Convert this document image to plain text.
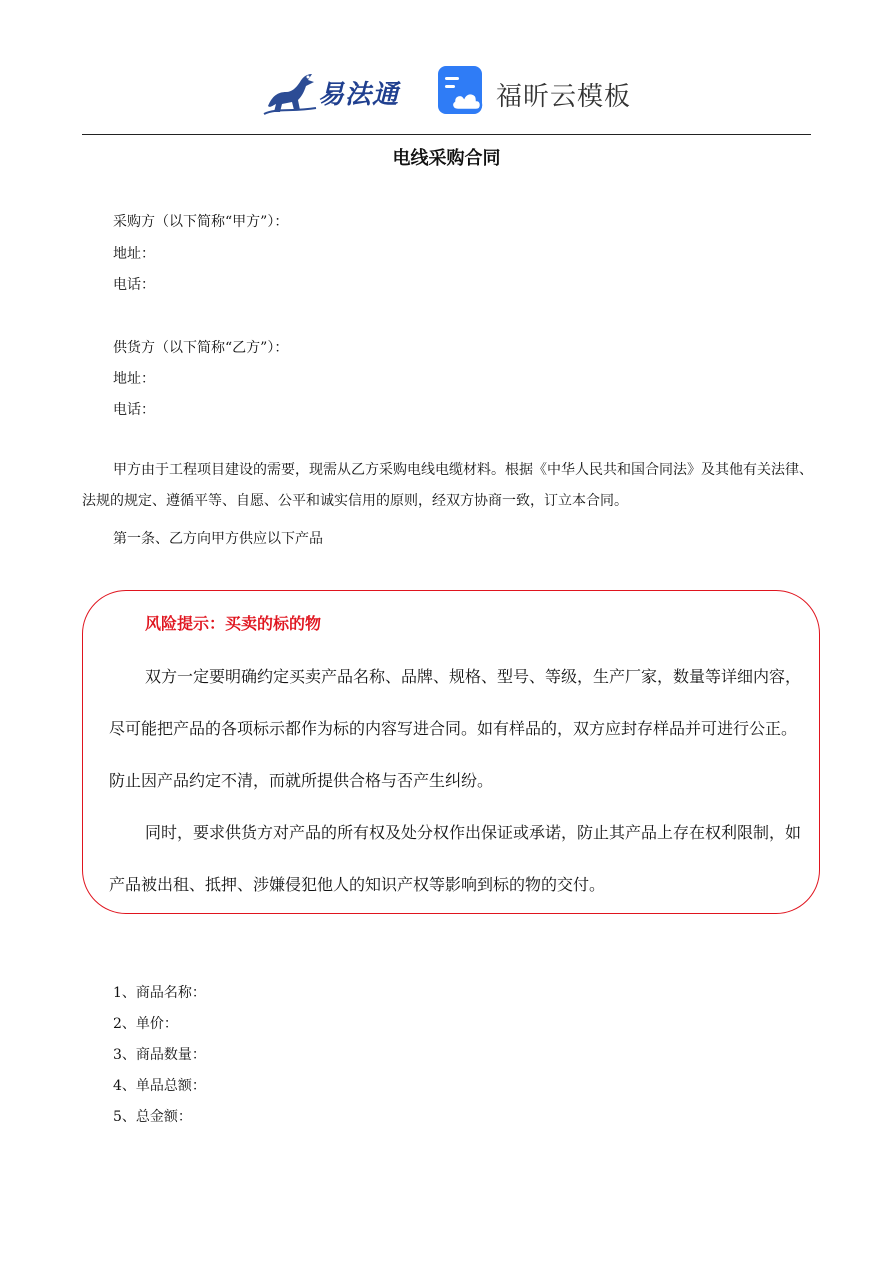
易法通	福昕云模板
电线采购合同
采购方（以下简称“甲方”）：
地址：
电话：
供货方（以下简称“乙方”）：
地址：
电话：
甲方由于工程项目建设的需要，现需从乙方采购电线电缆材料。根据《中华人民共和国合同法》及其他有关法律、法规的规定、遵循平等、自愿、公平和诚实信用的原则，经双方协商一致，订立本合同。
第一条、乙方向甲方供应以下产品
风险提示：买卖的标的物
双方一定要明确约定买卖产品名称、品牌、规格、型号、等级，生产厂家，数量等详细内容，尽可能把产品的各项标示都作为标的内容写进合同。如有样品的，双方应封存样品并可进行公正。防止因产品约定不清，而就所提供合格与否产生纠纷。
同时，要求供货方对产品的所有权及处分权作出保证或承诺，防止其产品上存在权利限制，如产品被出租、抵押、涉嫌侵犯他人的知识产权等影响到标的物的交付。
1、商品名称：
2、单价：
3、商品数量：
4、单品总额：
5、总金额：
